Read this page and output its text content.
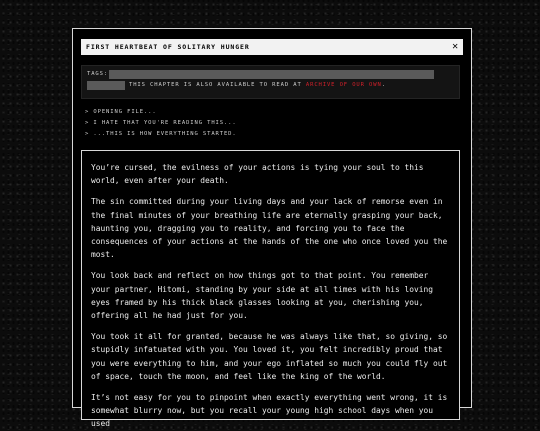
FIRST HEARTBEAT OF SOLITARY HUNGER	✕
TAGS:
THIS CHAPTER IS ALSO AVAILABLE TO READ AT ARCHIVE OF OUR OWN.
> OPENING FILE...
> I HATE THAT YOU'RE READING THIS...
> ...THIS IS HOW EVERYTHING STARTED.

You’re cursed, the evilness of your actions is tying your soul to this world, even after your death.

The sin committed during your living days and your lack of remorse even in the final minutes of your breathing life are eternally grasping your back, haunting you, dragging you to reality, and forcing you to face the consequences of your actions at the hands of the one who once loved you the most.

You look back and reflect on how things got to that point. You remember your partner, Hitomi, standing by your side at all times with his loving eyes framed by his thick black glasses looking at you, cherishing you, offering all he had just for you.

You took it all for granted, because he was always like that, so giving, so stupidly infatuated with you. You loved it, you felt incredibly proud that you were everything to him, and your ego inflated so much you could fly out of space, touch the moon, and feel like the king of the world.

It’s not easy for you to pinpoint when exactly everything went wrong, it is somewhat blurry now, but you recall your young high school days when you used
